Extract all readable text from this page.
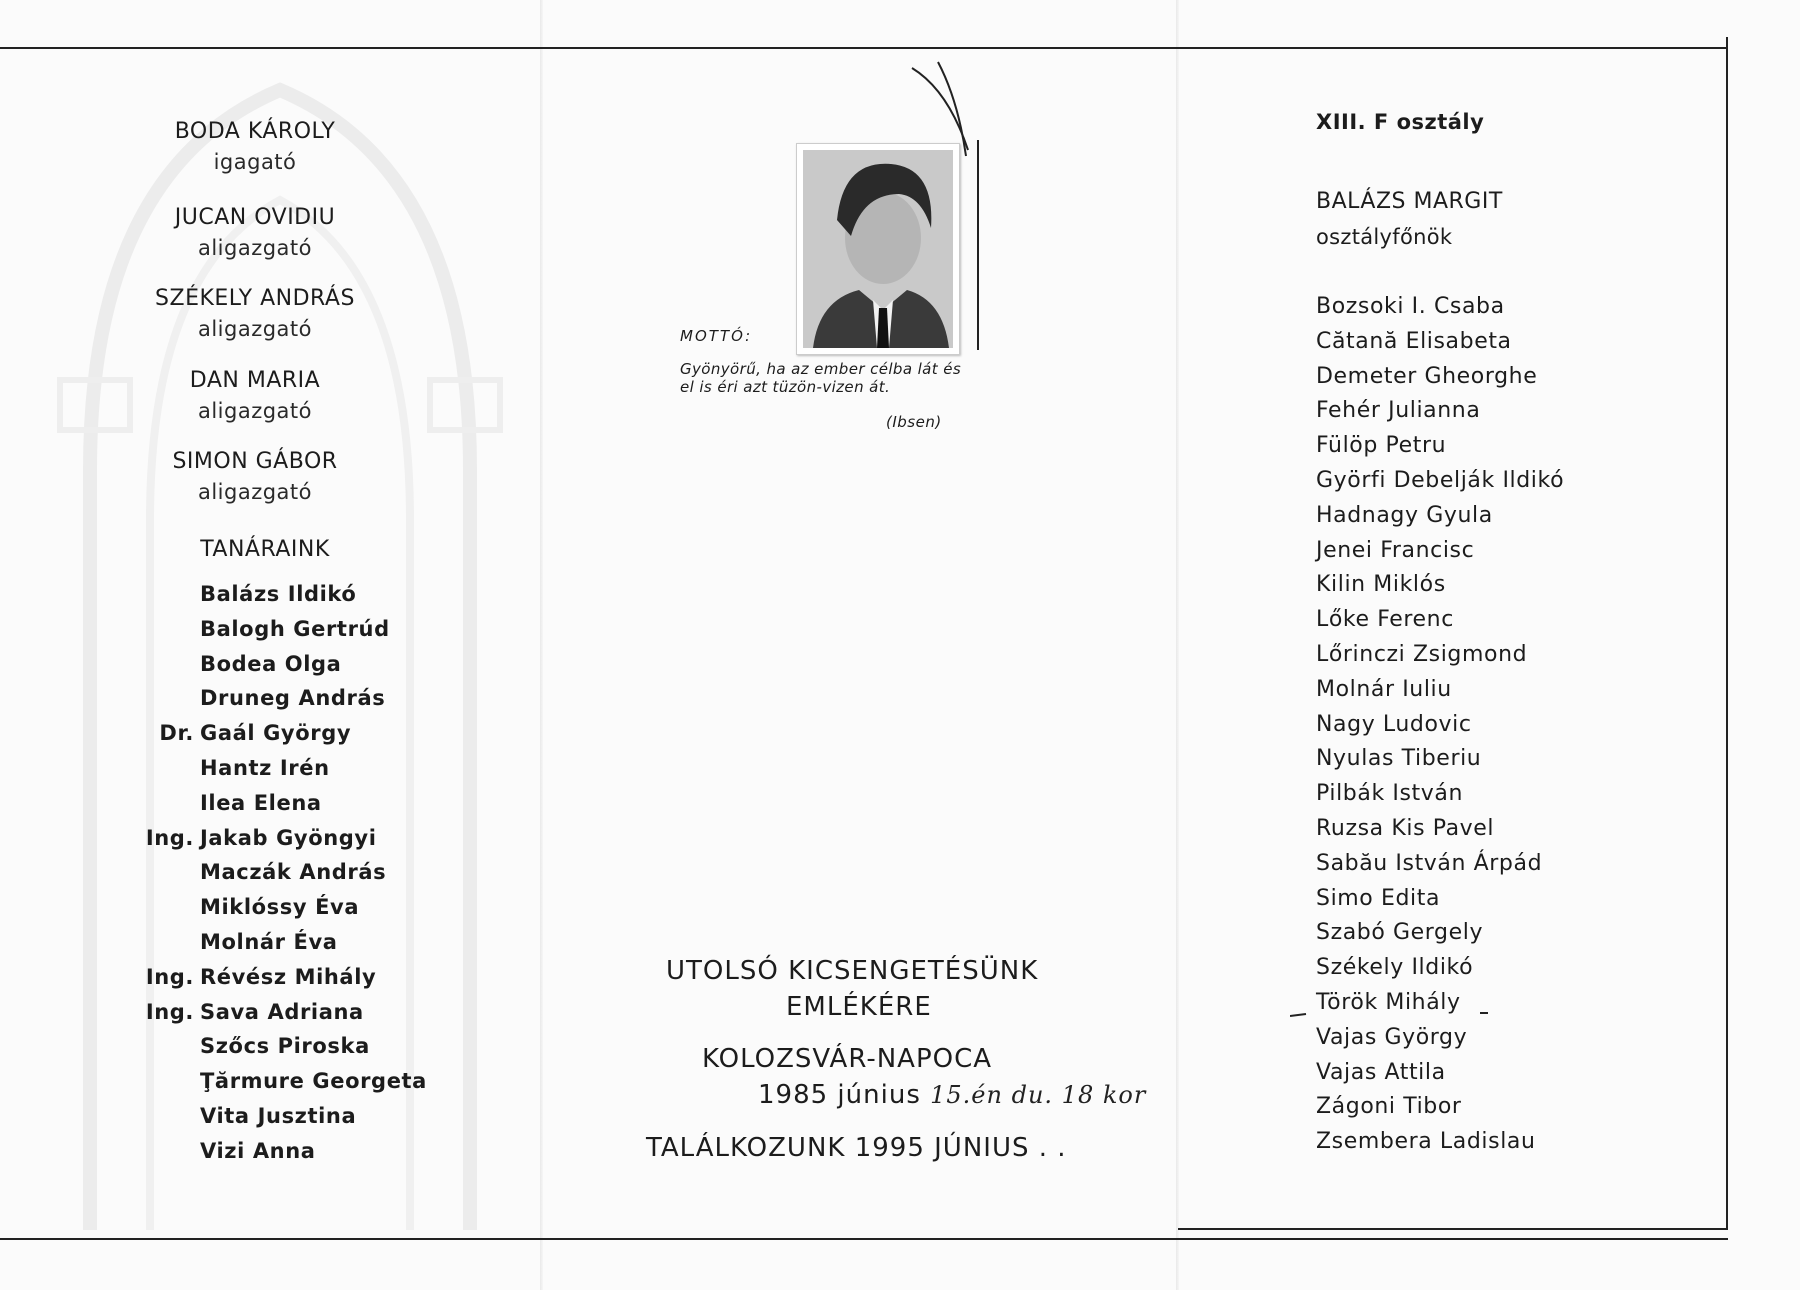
BODA KÁROLY
igagató
JUCAN OVIDIU
aligazgató
SZÉKELY ANDRÁS
aligazgató
DAN MARIA
aligazgató
SIMON GÁBOR
aligazgató
TANÁRAINK
Balázs Ildikó
Balogh Gertrúd
Bodea Olga
Druneg András
Dr. Gaál György
Hantz Irén
Ilea Elena
Ing. Jakab Gyöngyi
Maczák András
Miklóssy Éva
Molnár Éva
Ing. Révész Mihály
Ing. Sava Adriana
Szőcs Piroska
Ţărmure Georgeta
Vita Jusztina
Vizi Anna
MOTTÓ:
Gyönyörű, ha az ember célba lát és el is éri azt tüzön-vizen át.
(Ibsen)
UTOLSÓ KICSENGETÉSÜNK
EMLÉKÉRE
KOLOZSVÁR-NAPOCA
1985 június 15.én du. 18 kor
TALÁLKOZUNK 1995 JÚNIUS . .
XIII. F osztály
BALÁZS MARGIT
osztályfőnök
Bozsoki I. Csaba
Cătană Elisabeta
Demeter Gheorghe
Fehér Julianna
Fülöp Petru
Györfi Debelják Ildikó
Hadnagy Gyula
Jenei Francisc
Kilin Miklós
Lőke Ferenc
Lőrinczi Zsigmond
Molnár Iuliu
Nagy Ludovic
Nyulas Tiberiu
Pilbák István
Ruzsa Kis Pavel
Sabău István Árpád
Simo Edita
Szabó Gergely
Székely Ildikó
Török Mihály
Vajas György
Vajas Attila
Zágoni Tibor
Zsembera Ladislau
